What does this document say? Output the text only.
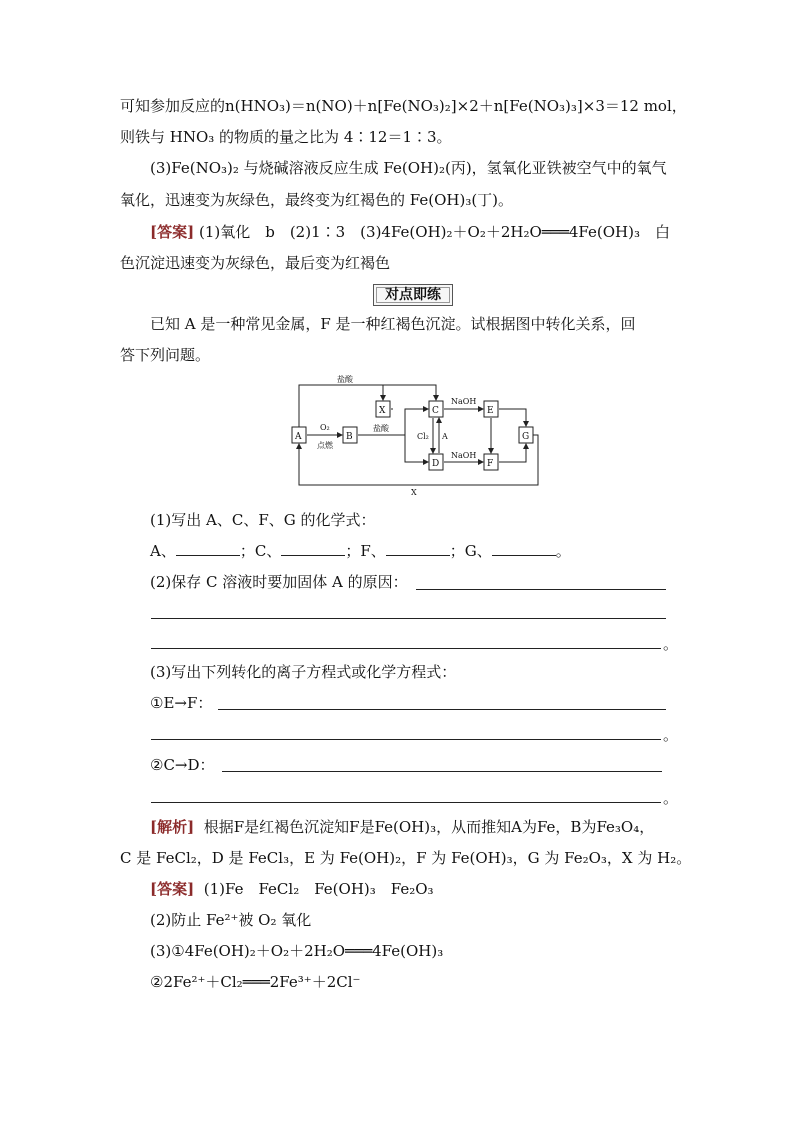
可知参加反应的n(HNO₃)＝n(NO)＋n[Fe(NO₃)₂]×2＋n[Fe(NO₃)₃]×3＝12 mol，
则铁与 HNO₃ 的物质的量之比为 4∶12＝1∶3。
(3)Fe(NO₃)₂ 与烧碱溶液反应生成 Fe(OH)₂(丙)，氢氧化亚铁被空气中的氧气
氧化，迅速变为灰绿色，最终变为红褐色的 Fe(OH)₃(丁)。
[答案] (1)氧化　b　(2)1∶3　(3)4Fe(OH)₂＋O₂＋2H₂O═══4Fe(OH)₃　白
色沉淀迅速变为灰绿色，最后变为红褐色
对点即练
已知 A 是一种常见金属，F 是一种红褐色沉淀。试根据图中转化关系，回
答下列问题。
A	B
X	C
D
E
F
G
盐酸
O₂
点燃
盐酸
Cl₂ A
NaOH
NaOH
X
(1)写出 A、C、F、G 的化学式：
A、	；C、	；F、	；G、	。
(2)保存 C 溶液时要加固体 A 的原因：
。
(3)写出下列转化的离子方程式或化学方程式：
①E→F：
。
②C→D：
。
[解析] 根据F是红褐色沉淀知F是Fe(OH)₃，从而推知A为Fe，B为Fe₃O₄，
C 是 FeCl₂，D 是 FeCl₃，E 为 Fe(OH)₂，F 为 Fe(OH)₃，G 为 Fe₂O₃，X 为 H₂。
[答案] (1)Fe　FeCl₂　Fe(OH)₃　Fe₂O₃
(2)防止 Fe²⁺被 O₂ 氧化
(3)①4Fe(OH)₂＋O₂＋2H₂O═══4Fe(OH)₃
②2Fe²⁺＋Cl₂═══2Fe³⁺＋2Cl⁻
